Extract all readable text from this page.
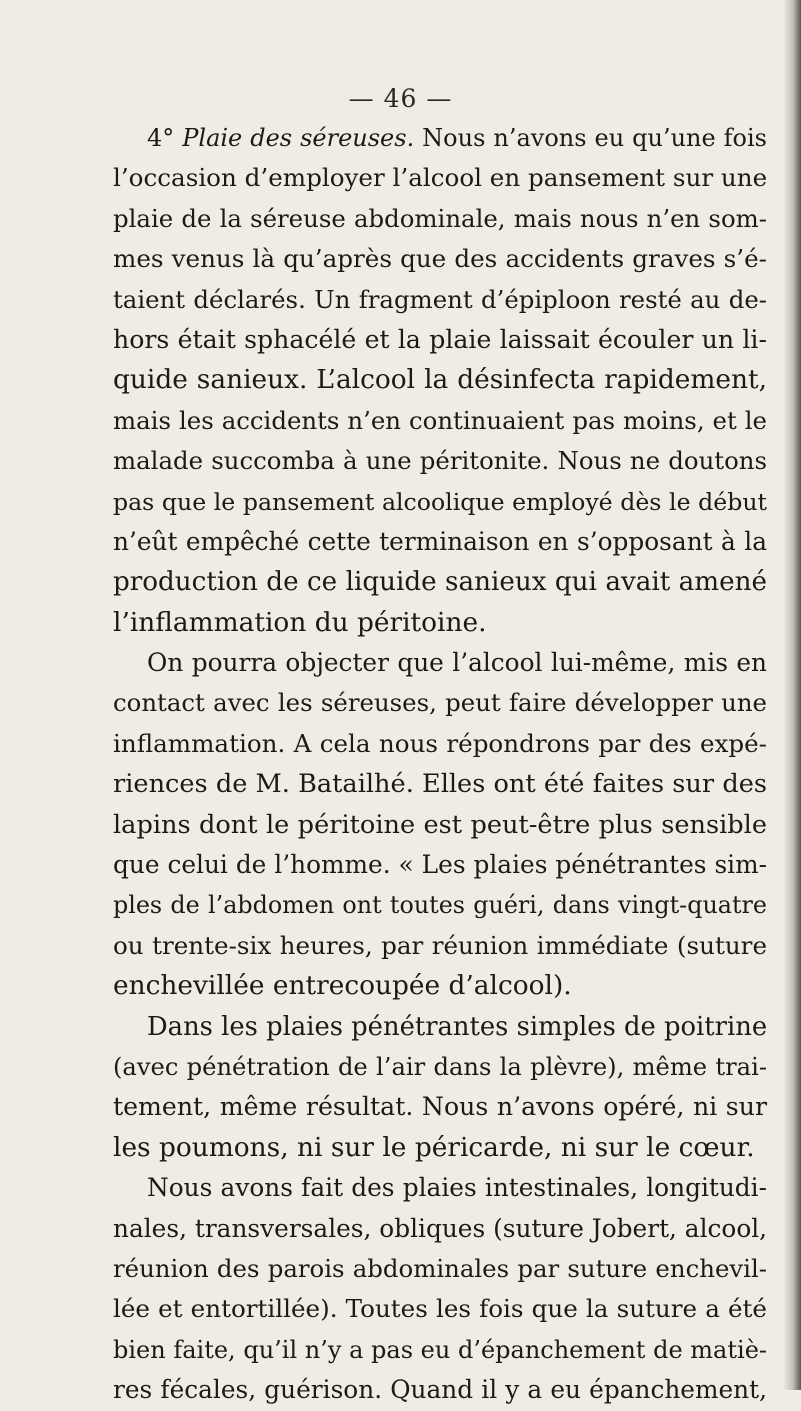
— 46 —
4° Plaie des séreuses. Nous n’avons eu qu’une fois
l’occasion d’employer l’alcool en pansement sur une
plaie de la séreuse abdominale, mais nous n’en som-
mes venus là qu’après que des accidents graves s’é-
taient déclarés. Un fragment d’épiploon resté au de-
hors était sphacélé et la plaie laissait écouler un li-
quide sanieux. L’alcool la désinfecta rapidement,
mais les accidents n’en continuaient pas moins, et le
malade succomba à une péritonite. Nous ne doutons
pas que le pansement alcoolique employé dès le début
n’eût empêché cette terminaison en s’opposant à la
production de ce liquide sanieux qui avait amené
l’inflammation du péritoine.
On pourra objecter que l’alcool lui-même, mis en
contact avec les séreuses, peut faire développer une
inflammation. A cela nous répondrons par des expé-
riences de M. Batailhé. Elles ont été faites sur des
lapins dont le péritoine est peut-être plus sensible
que celui de l’homme. « Les plaies pénétrantes sim-
ples de l’abdomen ont toutes guéri, dans vingt-quatre
ou trente-six heures, par réunion immédiate (suture
enchevillée entrecoupée d’alcool).
Dans les plaies pénétrantes simples de poitrine
(avec pénétration de l’air dans la plèvre), même trai-
tement, même résultat. Nous n’avons opéré, ni sur
les poumons, ni sur le péricarde, ni sur le cœur.
Nous avons fait des plaies intestinales, longitudi-
nales, transversales, obliques (suture Jobert, alcool,
réunion des parois abdominales par suture enchevil-
lée et entortillée). Toutes les fois que la suture a été
bien faite, qu’il n’y a pas eu d’épanchement de matiè-
res fécales, guérison. Quand il y a eu épanchement,
